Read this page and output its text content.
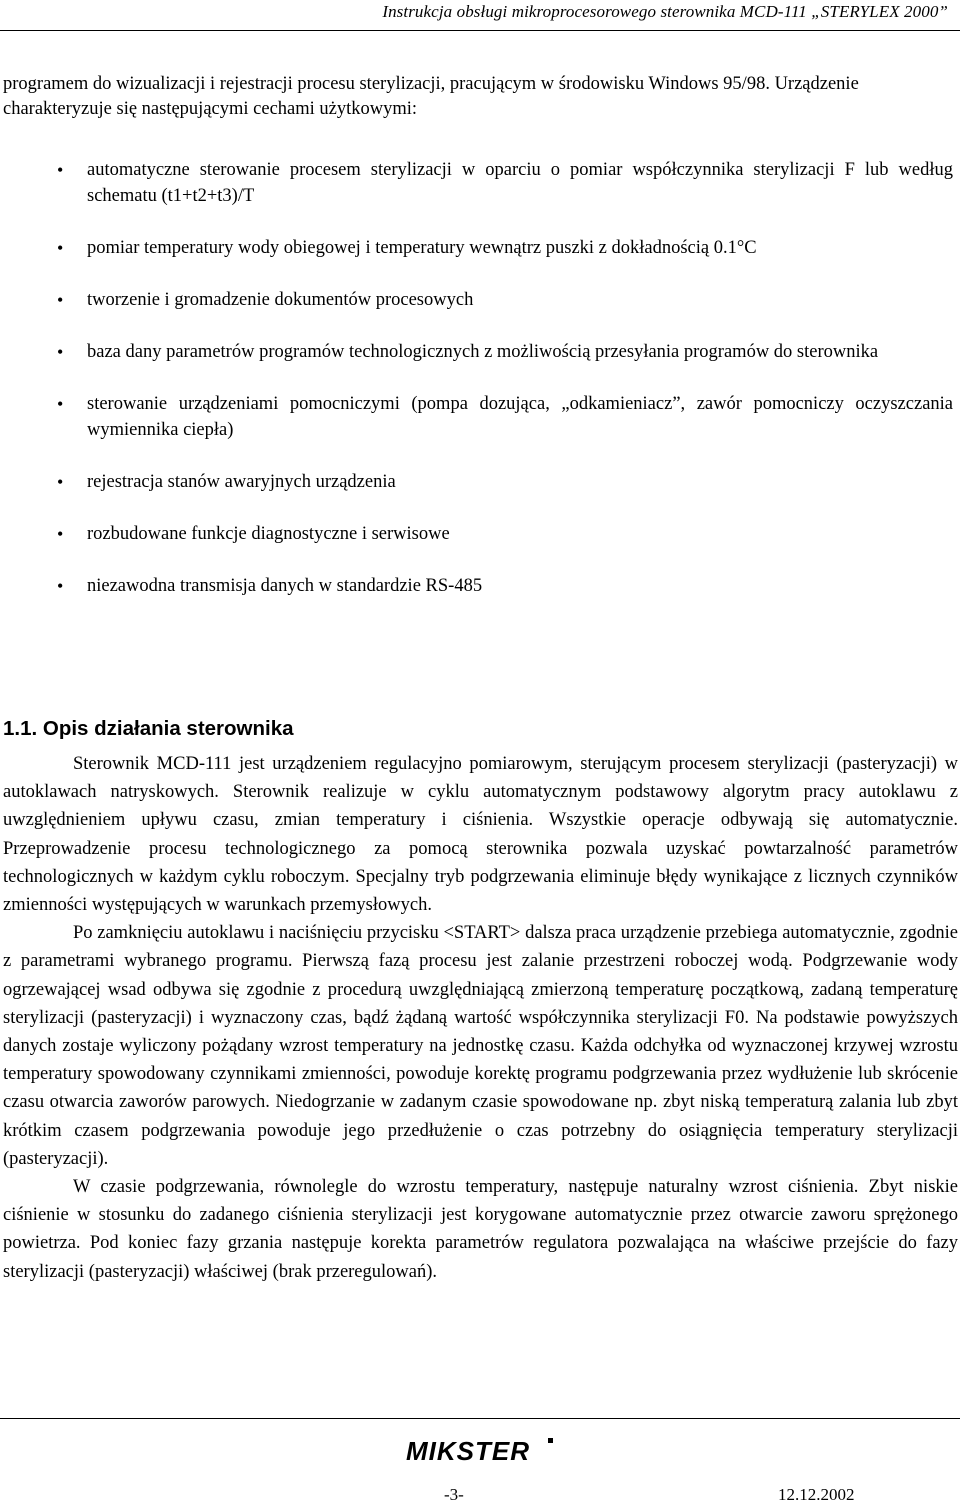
Instrukcja obsługi mikroprocesorowego sterownika MCD-111 „STERYLEX 2000”
programem do wizualizacji i rejestracji procesu sterylizacji, pracującym w środowisku Windows 95/98. Urządzenie charakteryzuje się następującymi cechami użytkowymi:
• automatyczne sterowanie procesem sterylizacji w oparciu o pomiar współczynnika sterylizacji F lub według schematu (t1+t2+t3)/T
• pomiar temperatury wody obiegowej i temperatury wewnątrz puszki z dokładnością 0.1°C
• tworzenie i gromadzenie dokumentów procesowych
• baza dany parametrów programów technologicznych z możliwością przesyłania programów do sterownika
• sterowanie urządzeniami pomocniczymi (pompa dozująca, „odkamieniacz”, zawór pomocniczy oczyszczania wymiennika ciepła)
• rejestracja stanów awaryjnych urządzenia
• rozbudowane funkcje diagnostyczne i serwisowe
• niezawodna transmisja danych w standardzie RS-485
1.1. Opis działania sterownika

Sterownik MCD-111 jest urządzeniem regulacyjno pomiarowym, sterującym procesem sterylizacji (pasteryzacji) w autoklawach natryskowych. Sterownik realizuje w cyklu automatycznym podstawowy algorytm pracy autoklawu z uwzględnieniem upływu czasu, zmian temperatury i ciśnienia. Wszystkie operacje odbywają się automatycznie. Przeprowadzenie procesu technologicznego za pomocą sterownika pozwala uzyskać powtarzalność parametrów technologicznych w każdym cyklu roboczym. Specjalny tryb podgrzewania eliminuje błędy wynikające z licznych czynników zmienności występujących w warunkach przemysłowych.

Po zamknięciu autoklawu i naciśnięciu przycisku <START> dalsza praca urządzenie przebiega automatycznie, zgodnie z parametrami wybranego programu. Pierwszą fazą procesu jest zalanie przestrzeni roboczej wodą. Podgrzewanie wody ogrzewającej wsad odbywa się zgodnie z procedurą uwzględniającą zmierzoną temperaturę początkową, zadaną temperaturę sterylizacji (pasteryzacji) i wyznaczony czas, bądź żądaną wartość współczynnika sterylizacji F0. Na podstawie powyższych danych zostaje wyliczony pożądany wzrost temperatury na jednostkę czasu. Każda odchyłka od wyznaczonej krzywej wzrostu temperatury spowodowany czynnikami zmienności, powoduje korektę programu podgrzewania przez wydłużenie lub skrócenie czasu otwarcia zaworów parowych. Niedogrzanie w zadanym czasie spowodowane np. zbyt niską temperaturą zalania lub zbyt krótkim czasem podgrzewania powoduje jego przedłużenie o czas potrzebny do osiągnięcia temperatury sterylizacji (pasteryzacji).

W czasie podgrzewania, równolegle do wzrostu temperatury, następuje naturalny wzrost ciśnienia. Zbyt niskie ciśnienie w stosunku do zadanego ciśnienia sterylizacji jest korygowane automatycznie przez otwarcie zaworu sprężonego powietrza. Pod koniec fazy grzania następuje korekta parametrów regulatora pozwalająca na właściwe przejście do fazy sterylizacji (pasteryzacji) właściwej (brak przeregulowań).

MIKSTER
-3-	12.12.2002
